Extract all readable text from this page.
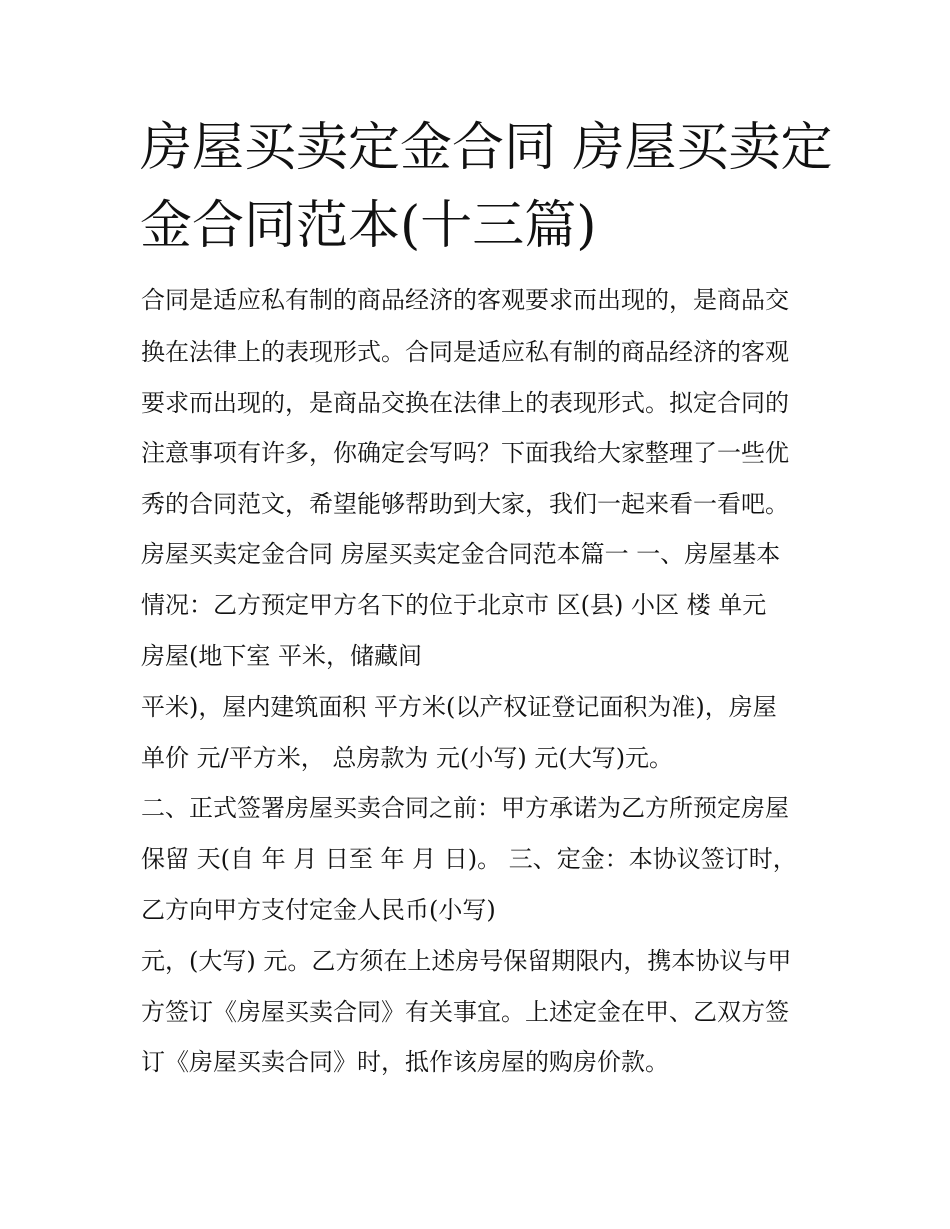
房屋买卖定金合同 房屋买卖定
金合同范本(十三篇)

合同是适应私有制的商品经济的客观要求而出现的，是商品交

换在法律上的表现形式。合同是适应私有制的商品经济的客观

要求而出现的，是商品交换在法律上的表现形式。拟定合同的

注意事项有许多，你确定会写吗？下面我给大家整理了一些优

秀的合同范文，希望能够帮助到大家，我们一起来看一看吧。

房屋买卖定金合同 房屋买卖定金合同范本篇一 一、房屋基本

情况：乙方预定甲方名下的位于北京市 区(县) 小区 楼 单元

房屋(地下室 平米，储藏间

平米)，屋内建筑面积 平方米(以产权证登记面积为准)，房屋

单价 元/平方米， 总房款为 元(小写) 元(大写)元。

二、正式签署房屋买卖合同之前：甲方承诺为乙方所预定房屋

保留 天(自 年 月 日至 年 月 日)。 三、定金：本协议签订时，

乙方向甲方支付定金人民币(小写)

元，(大写) 元。乙方须在上述房号保留期限内，携本协议与甲

方签订《房屋买卖合同》有关事宜。上述定金在甲、乙双方签

订《房屋买卖合同》时，抵作该房屋的购房价款。
